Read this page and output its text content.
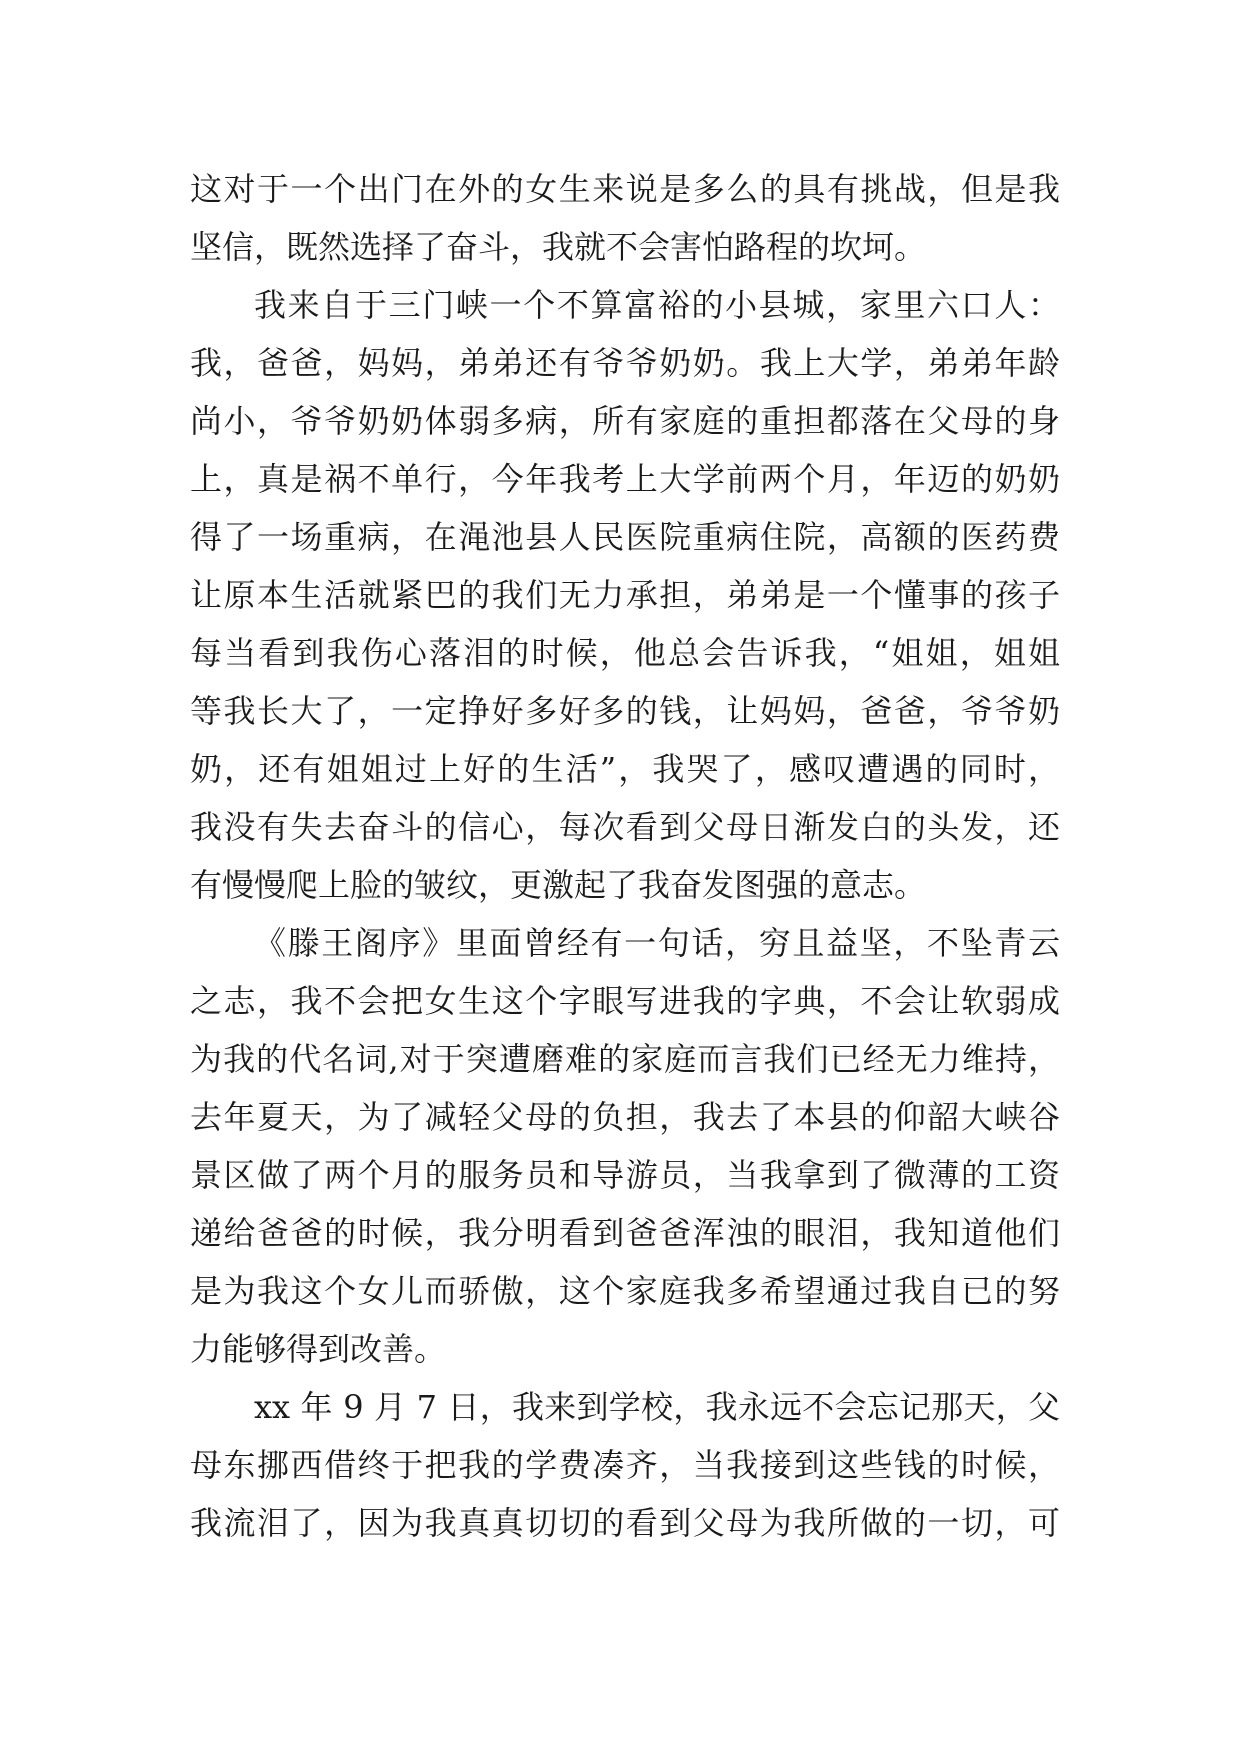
这对于一个出门在外的女生来说是多么的具有挑战，但是我
坚信，既然选择了奋斗，我就不会害怕路程的坎坷。
我来自于三门峡一个不算富裕的小县城，家里六口人：
我，爸爸，妈妈，弟弟还有爷爷奶奶。我上大学，弟弟年龄
尚小，爷爷奶奶体弱多病，所有家庭的重担都落在父母的身
上，真是祸不单行，今年我考上大学前两个月，年迈的奶奶
得了一场重病，在渑池县人民医院重病住院，高额的医药费
让原本生活就紧巴的我们无力承担，弟弟是一个懂事的孩子
每当看到我伤心落泪的时候，他总会告诉我，“姐姐，姐姐
等我长大了，一定挣好多好多的钱，让妈妈，爸爸，爷爷奶
奶，还有姐姐过上好的生活”，我哭了，感叹遭遇的同时，
我没有失去奋斗的信心，每次看到父母日渐发白的头发，还
有慢慢爬上脸的皱纹，更激起了我奋发图强的意志。
《滕王阁序》里面曾经有一句话，穷且益坚，不坠青云
之志，我不会把女生这个字眼写进我的字典，不会让软弱成
为我的代名词,对于突遭磨难的家庭而言我们已经无力维持，
去年夏天，为了减轻父母的负担，我去了本县的仰韶大峡谷
景区做了两个月的服务员和导游员，当我拿到了微薄的工资
递给爸爸的时候，我分明看到爸爸浑浊的眼泪，我知道他们
是为我这个女儿而骄傲，这个家庭我多希望通过我自已的努
力能够得到改善。
xx 年 9 月 7 日，我来到学校，我永远不会忘记那天，父
母东挪西借终于把我的学费凑齐，当我接到这些钱的时候，
我流泪了，因为我真真切切的看到父母为我所做的一切，可
